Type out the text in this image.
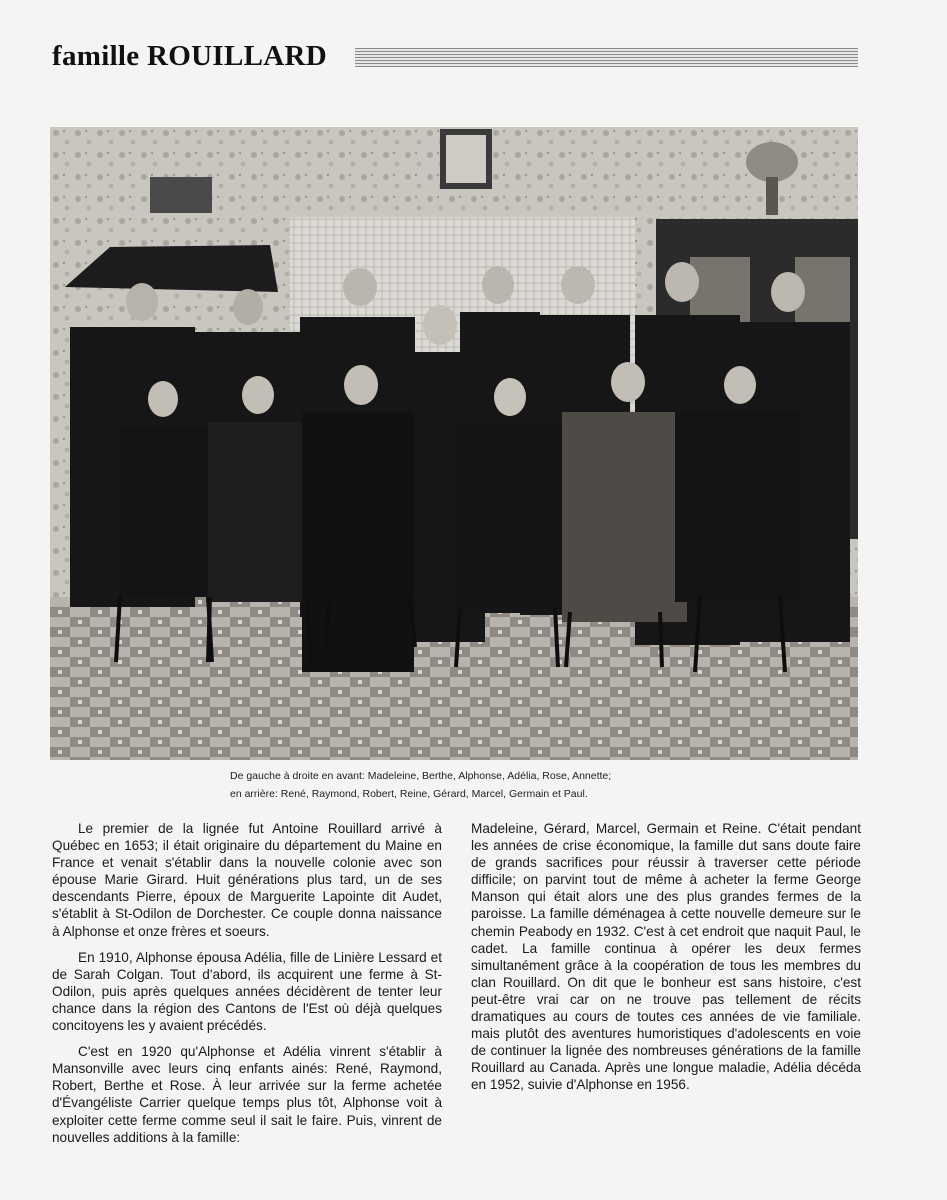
famille ROUILLARD
De gauche à droite en avant: Madeleine, Berthe, Alphonse, Adélia, Rose, Annette;
en arrière: René, Raymond, Robert, Reine, Gérard, Marcel, Germain et Paul.

Le premier de la lignée fut Antoine Rouillard arrivé à Québec en 1653; il était originaire du département du Maine en France et venait s'établir dans la nouvelle colonie avec son épouse Marie Girard. Huit générations plus tard, un de ses descendants Pierre, époux de Marguerite Lapointe dit Audet, s'établit à St-Odilon de Dorchester. Ce couple donna naissance à Alphonse et onze frères et soeurs.

En 1910, Alphonse épousa Adélia, fille de Linière Lessard et de Sarah Colgan. Tout d'abord, ils acquirent une ferme à St-Odilon, puis après quelques années décidèrent de tenter leur chance dans la région des Cantons de l'Est où déjà quelques concitoyens les y avaient précédés.

C'est en 1920 qu'Alphonse et Adélia vinrent s'établir à Mansonville avec leurs cinq enfants ainés: René, Raymond, Robert, Berthe et Rose. À leur arrivée sur la ferme achetée d'Évangéliste Carrier quelque temps plus tôt, Alphonse voit à exploiter cette ferme comme seul il sait le faire. Puis, vinrent de nouvelles additions à la famille:

Madeleine, Gérard, Marcel, Germain et Reine. C'était pendant les années de crise économique, la famille dut sans doute faire de grands sacrifices pour réussir à traverser cette période difficile; on parvint tout de même à acheter la ferme George Manson qui était alors une des plus grandes fermes de la paroisse. La famille déménagea à cette nouvelle demeure sur le chemin Peabody en 1932. C'est à cet endroit que naquit Paul, le cadet. La famille continua à opérer les deux fermes simultanément grâce à la coopération de tous les membres du clan Rouillard. On dit que le bonheur est sans histoire, c'est peut-être vrai car on ne trouve pas tellement de récits dramatiques au cours de toutes ces années de vie familiale. mais plutôt des aventures humoristiques d'adolescents en voie de continuer la lignée des nombreuses générations de la famille Rouillard au Canada. Après une longue maladie, Adélia décéda en 1952, suivie d'Alphonse en 1956.
